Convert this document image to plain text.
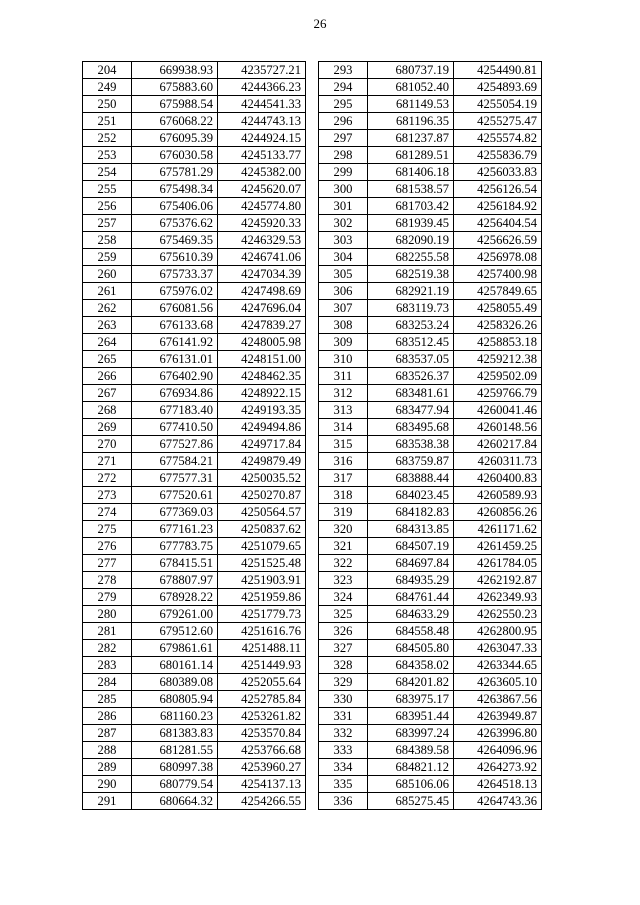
26
204	669938.93	4235727.21
249	675883.60	4244366.23
250	675988.54	4244541.33
251	676068.22	4244743.13
252	676095.39	4244924.15
253	676030.58	4245133.77
254	675781.29	4245382.00
255	675498.34	4245620.07
256	675406.06	4245774.80
257	675376.62	4245920.33
258	675469.35	4246329.53
259	675610.39	4246741.06
260	675733.37	4247034.39
261	675976.02	4247498.69
262	676081.56	4247696.04
263	676133.68	4247839.27
264	676141.92	4248005.98
265	676131.01	4248151.00
266	676402.90	4248462.35
267	676934.86	4248922.15
268	677183.40	4249193.35
269	677410.50	4249494.86
270	677527.86	4249717.84
271	677584.21	4249879.49
272	677577.31	4250035.52
273	677520.61	4250270.87
274	677369.03	4250564.57
275	677161.23	4250837.62
276	677783.75	4251079.65
277	678415.51	4251525.48
278	678807.97	4251903.91
279	678928.22	4251959.86
280	679261.00	4251779.73
281	679512.60	4251616.76
282	679861.61	4251488.11
283	680161.14	4251449.93
284	680389.08	4252055.64
285	680805.94	4252785.84
286	681160.23	4253261.82
287	681383.83	4253570.84
288	681281.55	4253766.68
289	680997.38	4253960.27
290	680779.54	4254137.13
291	680664.32	4254266.55
293	680737.19	4254490.81
294	681052.40	4254893.69
295	681149.53	4255054.19
296	681196.35	4255275.47
297	681237.87	4255574.82
298	681289.51	4255836.79
299	681406.18	4256033.83
300	681538.57	4256126.54
301	681703.42	4256184.92
302	681939.45	4256404.54
303	682090.19	4256626.59
304	682255.58	4256978.08
305	682519.38	4257400.98
306	682921.19	4257849.65
307	683119.73	4258055.49
308	683253.24	4258326.26
309	683512.45	4258853.18
310	683537.05	4259212.38
311	683526.37	4259502.09
312	683481.61	4259766.79
313	683477.94	4260041.46
314	683495.68	4260148.56
315	683538.38	4260217.84
316	683759.87	4260311.73
317	683888.44	4260400.83
318	684023.45	4260589.93
319	684182.83	4260856.26
320	684313.85	4261171.62
321	684507.19	4261459.25
322	684697.84	4261784.05
323	684935.29	4262192.87
324	684761.44	4262349.93
325	684633.29	4262550.23
326	684558.48	4262800.95
327	684505.80	4263047.33
328	684358.02	4263344.65
329	684201.82	4263605.10
330	683975.17	4263867.56
331	683951.44	4263949.87
332	683997.24	4263996.80
333	684389.58	4264096.96
334	684821.12	4264273.92
335	685106.06	4264518.13
336	685275.45	4264743.36
